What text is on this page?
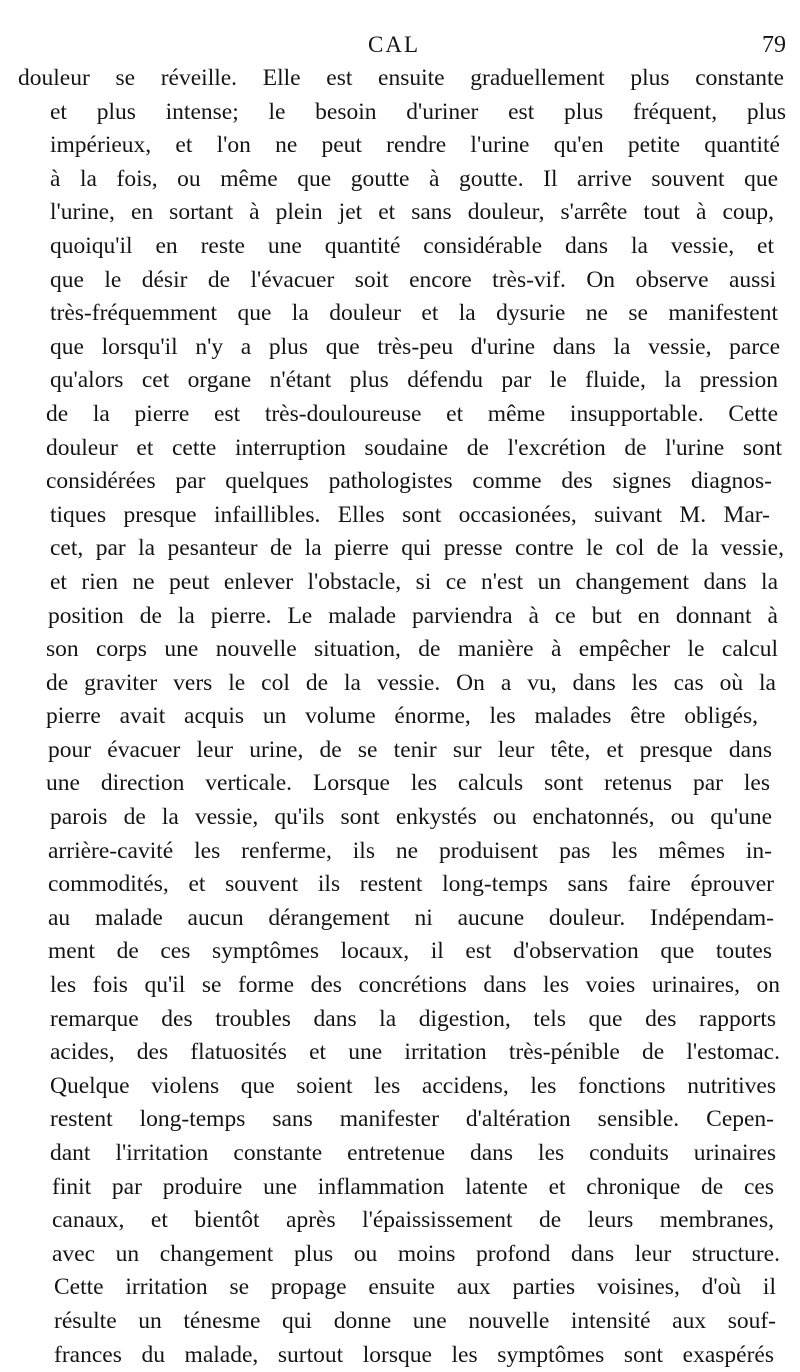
CAL	79
douleur se réveille. Elle est ensuite graduellement plus constante
et plus intense; le besoin d'uriner est plus fréquent, plus
impérieux, et l'on ne peut rendre l'urine qu'en petite quantité
à la fois, ou même que goutte à goutte. Il arrive souvent que
l'urine, en sortant à plein jet et sans douleur, s'arrête tout à coup,
quoiqu'il en reste une quantité considérable dans la vessie, et
que le désir de l'évacuer soit encore très-vif. On observe aussi
très-fréquemment que la douleur et la dysurie ne se manifestent
que lorsqu'il n'y a plus que très-peu d'urine dans la vessie, parce
qu'alors cet organe n'étant plus défendu par le fluide, la pression
de la pierre est très-douloureuse et même insupportable. Cette
douleur et cette interruption soudaine de l'excrétion de l'urine sont
considérées par quelques pathologistes comme des signes diagnos-
tiques presque infaillibles. Elles sont occasionées, suivant M. Mar-
cet, par la pesanteur de la pierre qui presse contre le col de la vessie,
et rien ne peut enlever l'obstacle, si ce n'est un changement dans la
position de la pierre. Le malade parviendra à ce but en donnant à
son corps une nouvelle situation, de manière à empêcher le calcul
de graviter vers le col de la vessie. On a vu, dans les cas où la
pierre avait acquis un volume énorme, les malades être obligés,
pour évacuer leur urine, de se tenir sur leur tête, et presque dans
une direction verticale. Lorsque les calculs sont retenus par les
parois de la vessie, qu'ils sont enkystés ou enchatonnés, ou qu'une
arrière-cavité les renferme, ils ne produisent pas les mêmes in-
commodités, et souvent ils restent long-temps sans faire éprouver
au malade aucun dérangement ni aucune douleur. Indépendam-
ment de ces symptômes locaux, il est d'observation que toutes
les fois qu'il se forme des concrétions dans les voies urinaires, on
remarque des troubles dans la digestion, tels que des rapports
acides, des flatuosités et une irritation très-pénible de l'estomac.
Quelque violens que soient les accidens, les fonctions nutritives
restent long-temps sans manifester d'altération sensible. Cepen-
dant l'irritation constante entretenue dans les conduits urinaires
finit par produire une inflammation latente et chronique de ces
canaux, et bientôt après l'épaississement de leurs membranes,
avec un changement plus ou moins profond dans leur structure.
Cette irritation se propage ensuite aux parties voisines, d'où il
résulte un ténesme qui donne une nouvelle intensité aux souf-
frances du malade, surtout lorsque les symptômes sont exaspérés
